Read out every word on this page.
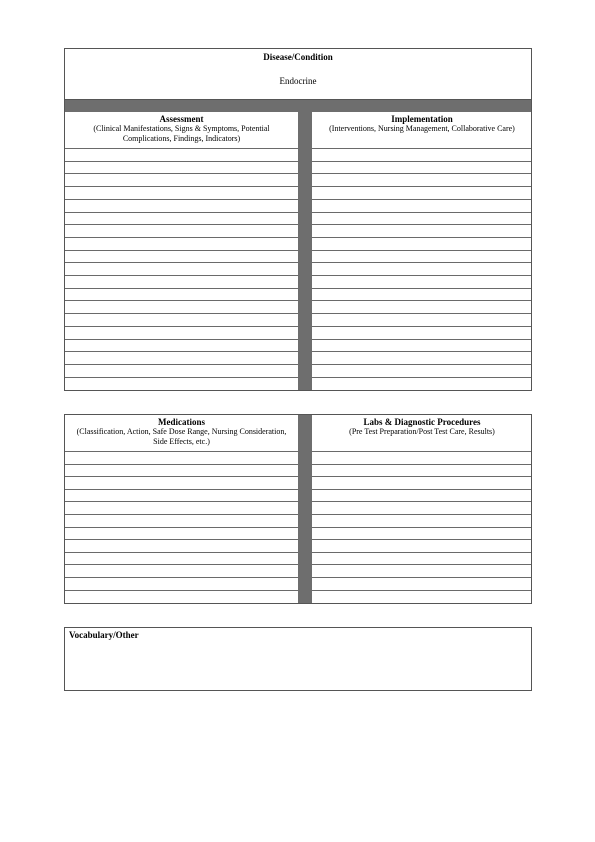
Disease/Condition
Endocrine
Assessment
(Clinical Manifestations, Signs & Symptoms, Potential Complications, Findings, Indicators)
Implementation
(Interventions, Nursing Management, Collaborative Care)
Medications
(Classification, Action, Safe Dose Range, Nursing Consideration, Side Effects, etc.)
Labs & Diagnostic Procedures
(Pre Test Preparation/Post Test Care, Results)
Vocabulary/Other
